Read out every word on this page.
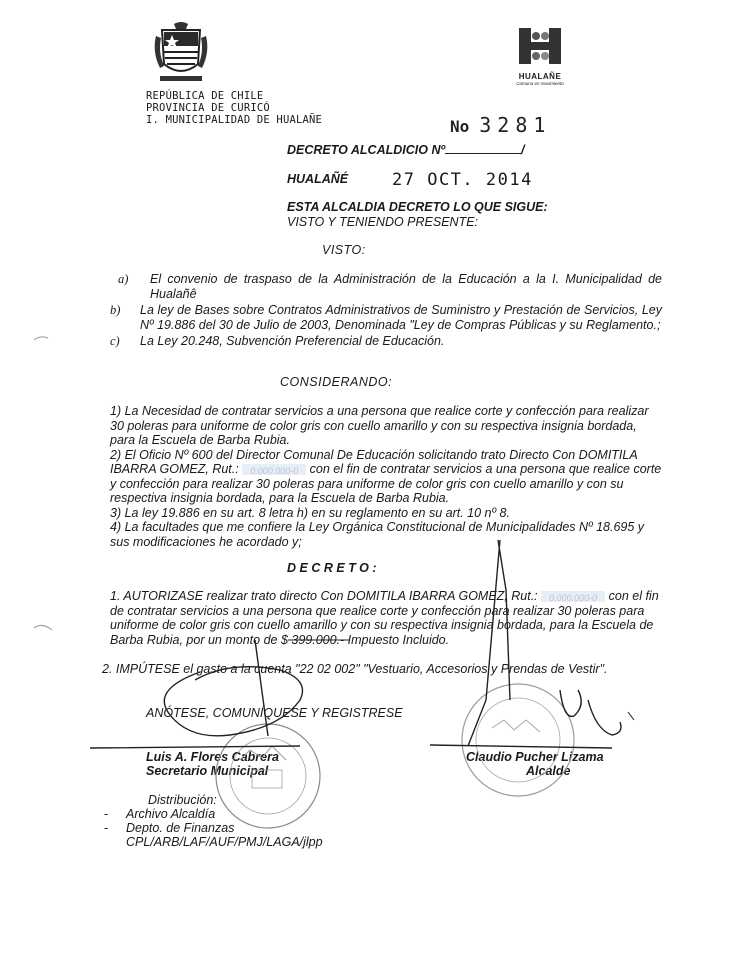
HUALAÑE
Comuna en movimiento
REPÚBLICA DE CHILE
PROVINCIA DE CURICÓ
I. MUNICIPALIDAD DE HUALAÑE	No 3281
DECRETO ALCALDICIO Nº	/
HUALAÑÉ	27 OCT. 2014
ESTA ALCALDIA DECRETO LO QUE SIGUE:
VISTO Y TENIENDO PRESENTE:
VISTO:
a)	El convenio de traspaso de la Administración de la Educación a la I. Municipalidad de Hualañê
b)	La ley de Bases sobre Contratos Administrativos de Suministro y Prestación de Servicios, Ley Nº 19.886 del 30 de Julio de 2003, Denominada "Ley de Compras Públicas y su Reglamento.;
c)	La Ley 20.248, Subvención Preferencial de Educación.
CONSIDERANDO:

1) La Necesidad de contratar servicios a una persona que realice corte y confección para realizar 30 poleras para uniforme de color gris con cuello amarillo y con su respectiva insignia bordada, para la Escuela de Barba Rubia.

2) El Oficio Nº 600 del Director Comunal De Educación solicitando trato Directo Con DOMITILA IBARRA GOMEZ, Rut.: 0.000.000-0 con el fin de contratar servicios a una persona que realice corte y confección para realizar 30 poleras para uniforme de color gris con cuello amarillo y con su respectiva insignia bordada, para la Escuela de Barba Rubia.

3) La ley 19.886 en su art. 8 letra h) en su reglamento en su art. 10 nº 8.

4) La facultades que me confiere la Ley Orgánica Constitucional de Municipalidades Nº 18.695 y sus modificaciones he acordado y;

DECRETO:
1. AUTORIZASE realizar trato directo Con DOMITILA IBARRA GOMEZ, Rut.: 0.000.000-0 con el fin de contratar servicios a una persona que realice corte y confección para realizar 30 poleras para uniforme de color gris con cuello amarillo y con su respectiva insignia bordada, para la Escuela de Barba Rubia, por un monto de $ 399.000.- Impuesto Incluido.
2. IMPÚTESE el gasto a la cuenta "22 02 002" "Vestuario, Accesorios y Prendas de Vestir".
ANÓTESE, COMUNÍQUESE Y REGISTRESE
Luis A. Flores Cabrera
Secretario Municipal
Claudio Pucher Lizama
Alcalde
Distribución:
-	Archivo Alcaldía
-	Depto. de Finanzas
CPL/ARB/LAF/AUF/PMJ/LAGA/jlpp
